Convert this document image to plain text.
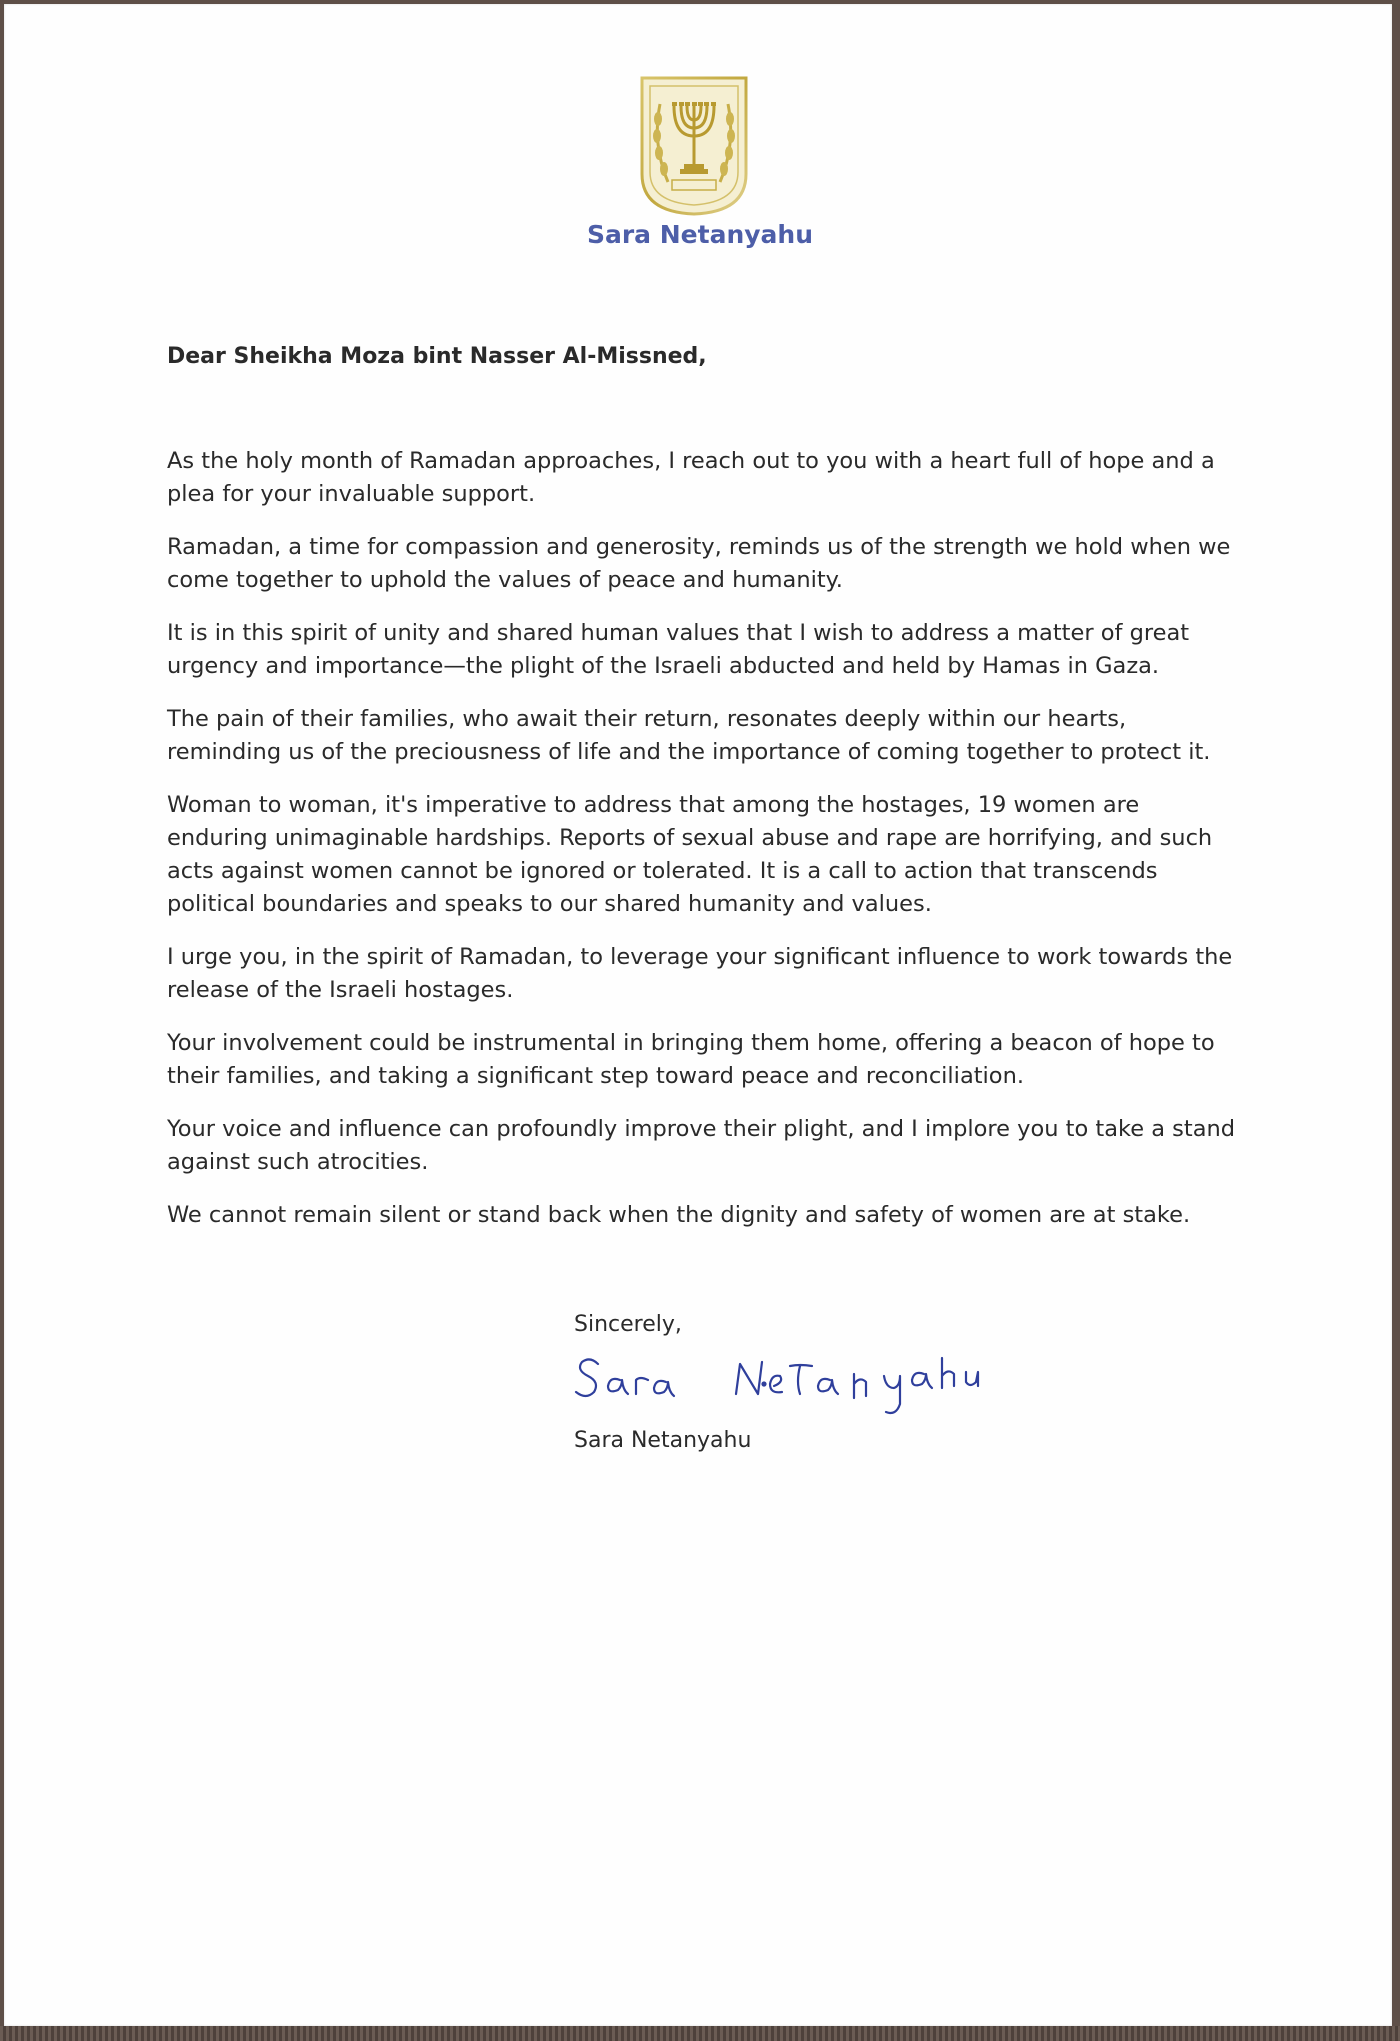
Sara Netanyahu

Dear Sheikha Moza bint Nasser Al-Missned,

As the holy month of Ramadan approaches, I reach out to you with a heart full of hope and a plea for your invaluable support.

Ramadan, a time for compassion and generosity, reminds us of the strength we hold when we come together to uphold the values of peace and humanity.

It is in this spirit of unity and shared human values that I wish to address a matter of great urgency and importance—the plight of the Israeli abducted and held by Hamas in Gaza.

The pain of their families, who await their return, resonates deeply within our hearts, reminding us of the preciousness of life and the importance of coming together to protect it.

Woman to woman, it's imperative to address that among the hostages, 19 women are enduring unimaginable hardships. Reports of sexual abuse and rape are horrifying, and such acts against women cannot be ignored or tolerated. It is a call to action that transcends political boundaries and speaks to our shared humanity and values.

I urge you, in the spirit of Ramadan, to leverage your significant influence to work towards the release of the Israeli hostages.

Your involvement could be instrumental in bringing them home, offering a beacon of hope to their families, and taking a significant step toward peace and reconciliation.

Your voice and influence can profoundly improve their plight, and I implore you to take a stand against such atrocities.

We cannot remain silent or stand back when the dignity and safety of women are at stake.

Sincerely,

Sara Netanyahu
